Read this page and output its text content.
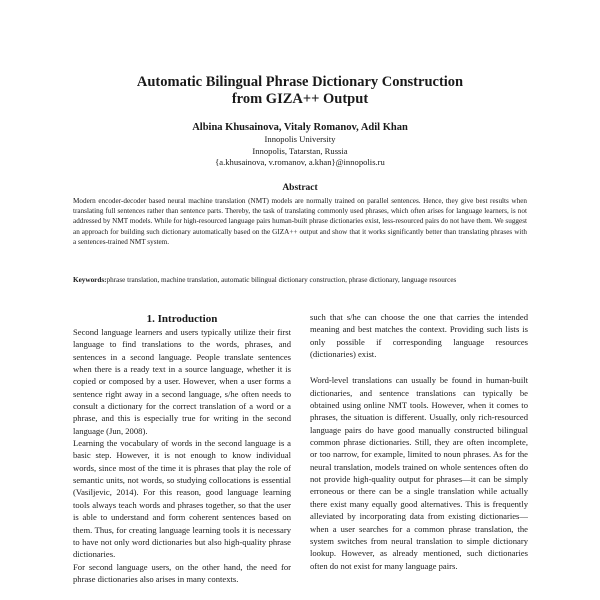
Automatic Bilingual Phrase Dictionary Construction
from GIZA++ Output
Albina Khusainova, Vitaly Romanov, Adil Khan
Innopolis University
Innopolis, Tatarstan, Russia
{a.khusainova, v.romanov, a.khan}@innopolis.ru
Abstract

Modern encoder-decoder based neural machine translation (NMT) models are normally trained on parallel sentences. Hence, they give best results when translating full sentences rather than sentence parts. Thereby, the task of translating commonly used phrases, which often arises for language learners, is not addressed by NMT models. While for high-resourced language pairs human-built phrase dictionaries exist, less-resourced pairs do not have them. We suggest an approach for building such dictionary automatically based on the GIZA++ output and show that it works significantly better than translating phrases with a sentences-trained NMT system.

Keywords:phrase translation, machine translation, automatic bilingual dictionary construction, phrase dictionary, language resources

1. Introduction

Second language learners and users typically utilize their first language to find translations to the words, phrases, and sentences in a second language. People translate sentences when there is a ready text in a source language, whether it is copied or composed by a user. However, when a user forms a sentence right away in a second language, s/he often needs to consult a dictionary for the correct translation of a word or a phrase, and this is especially true for writing in the second language (Jun, 2008).

Learning the vocabulary of words in the second language is a basic step. However, it is not enough to know individual words, since most of the time it is phrases that play the role of semantic units, not words, so studying collocations is essential (Vasiljevic, 2014). For this reason, good language learning tools always teach words and phrases together, so that the user is able to understand and form coherent sentences based on them. Thus, for creating language learning tools it is necessary to have not only word dictionaries but also high-quality phrase dictionaries.

For second language users, on the other hand, the need for phrase dictionaries also arises in many contexts.

such that s/he can choose the one that carries the intended meaning and best matches the context. Providing such lists is only possible if corresponding language resources (dictionaries) exist.

Word-level translations can usually be found in human-built dictionaries, and sentence translations can typically be obtained using online NMT tools. However, when it comes to phrases, the situation is different. Usually, only rich-resourced language pairs do have good manually constructed bilingual common phrase dictionaries. Still, they are often incomplete, or too narrow, for example, limited to noun phrases. As for the neural translation, models trained on whole sentences often do not provide high-quality output for phrases—it can be simply erroneous or there can be a single translation while actually there exist many equally good alternatives. This is frequently alleviated by incorporating data from existing dictionaries—when a user searches for a common phrase translation, the system switches from neural translation to simple dictionary lookup. However, as already mentioned, such dictionaries often do not exist for many language pairs.
